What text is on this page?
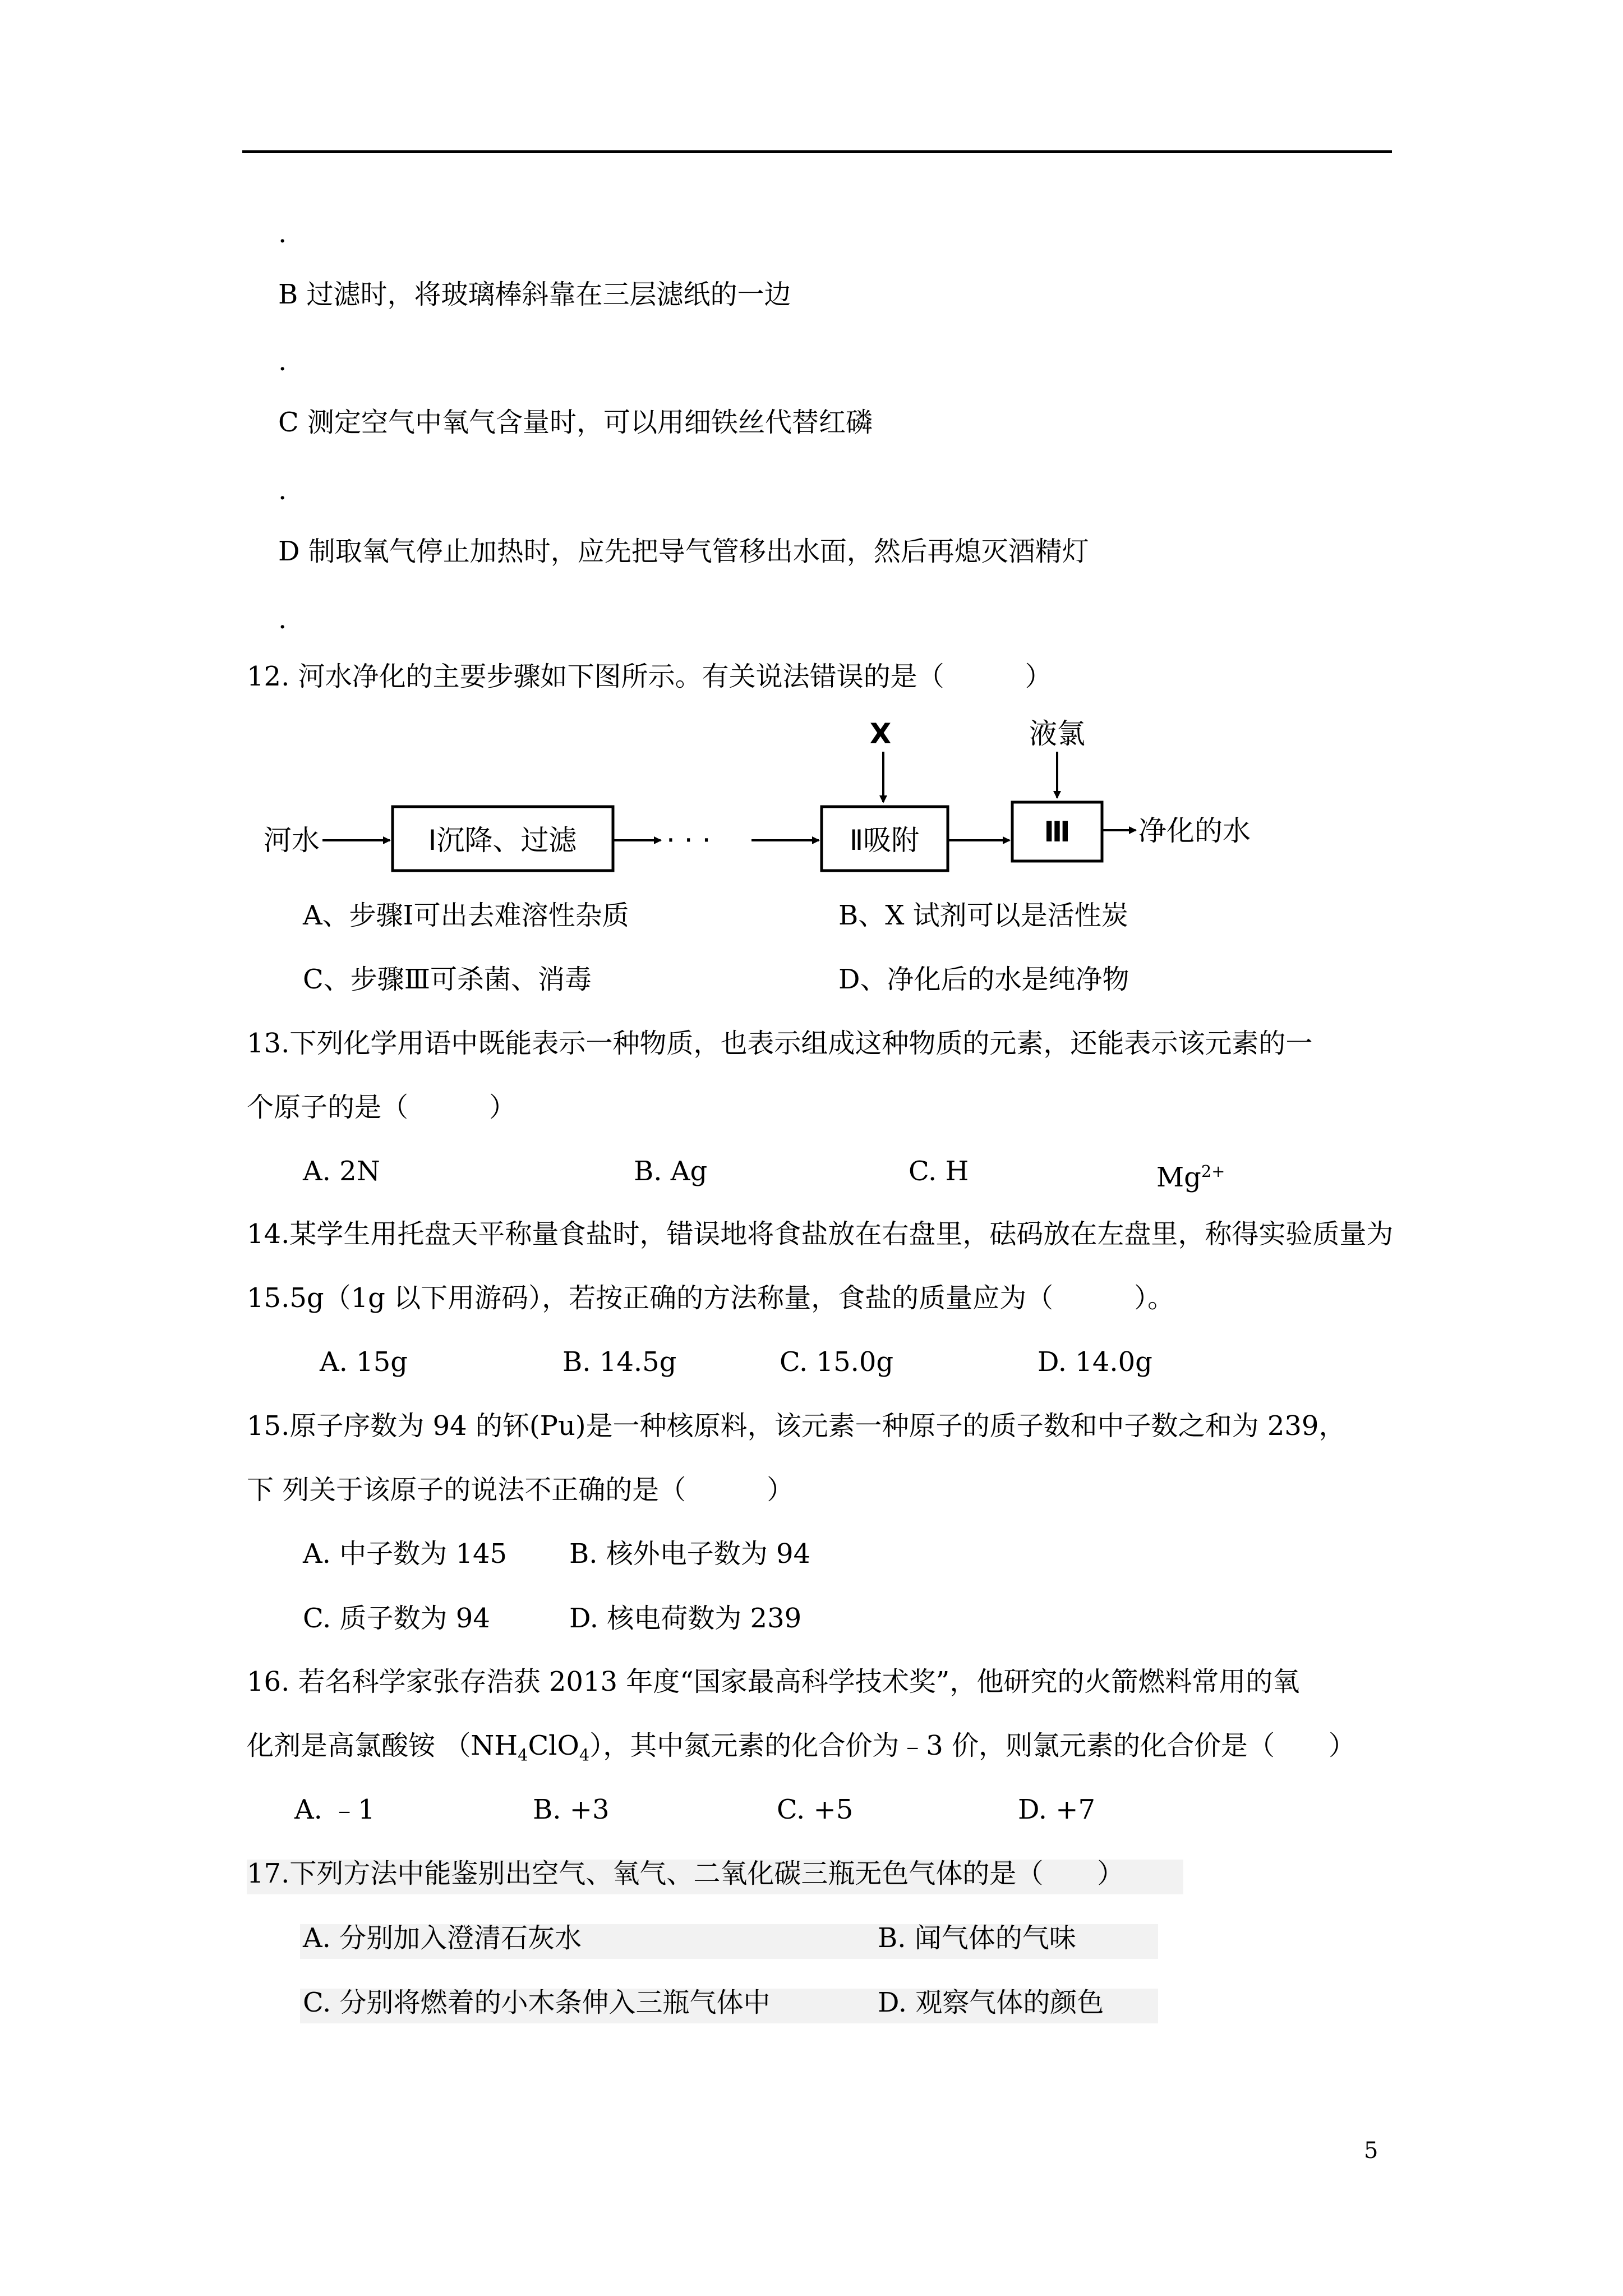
.
B 过滤时，将玻璃棒斜靠在三层滤纸的一边
.
C 测定空气中氧气含量时，可以用细铁丝代替红磷
.
D 制取氧气停止加热时，应先把导气管移出水面，然后再熄灭酒精灯
.
12. 河水净化的主要步骤如下图所示。有关说法错误的是（　　　）
河水	Ⅰ沉降、过滤	· · ·	Ⅱ吸附
X
Ⅲ
液氯
净化的水
A、步骤Ⅰ可出去难溶性杂质	B、X 试剂可以是活性炭
C、步骤Ⅲ可杀菌、消毒	D、净化后的水是纯净物
13.下列化学用语中既能表示一种物质，也表示组成这种物质的元素，还能表示该元素的一
个原子的是（　　　）
A. 2N	B. Ag	C. H	$Mg^{2+}$
14.某学生用托盘天平称量食盐时，错误地将食盐放在右盘里，砝码放在左盘里，称得实验质量为
15.5g（1g 以下用游码），若按正确的方法称量，食盐的质量应为（　　　）。
A. 15g	B. 14.5g	C. 15.0g	D. 14.0g
15.原子序数为 94 的钚(Pu)是一种核原料，该元素一种原子的质子数和中子数之和为 239，
下 列关于该原子的说法不正确的是（　　　）
A. 中子数为 145 B. 核外电子数为 94
C. 质子数为 94	D. 核电荷数为 239
16. 若名科学家张存浩获 2013 年度“国家最高科学技术奖”，他研究的火箭燃料常用的氧
化剂是高氯酸铵 $(NH_4ClO_4)$，其中氮元素的化合价为﹣3 价，则氯元素的化合价是（　　）
A. ﹣1	B. +3	C. +5	D. +7
17.下列方法中能鉴别出空气、氧气、二氧化碳三瓶无色气体的是（　　）
A. 分别加入澄清石灰水	B. 闻气体的气味
C. 分别将燃着的小木条伸入三瓶气体中	D. 观察气体的颜色
5
